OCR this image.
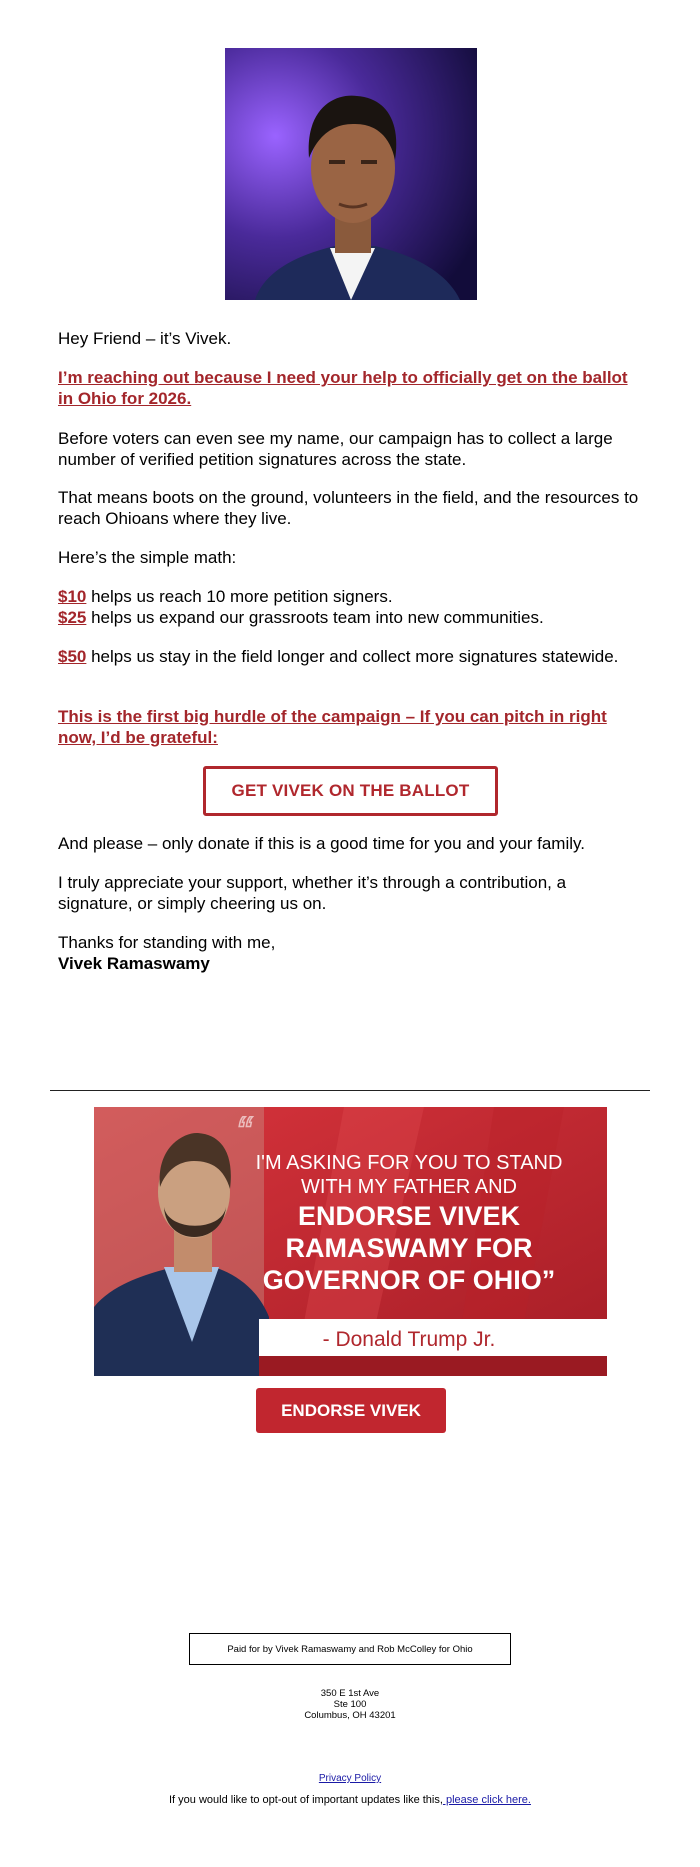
Hey Friend – it’s Vivek.

I’m reaching out because I need your help to officially get on the ballot in Ohio for 2026.

Before voters can even see my name, our campaign has to collect a large number of verified petition signatures across the state.

That means boots on the ground, volunteers in the field, and the resources to reach Ohioans where they live.

Here’s the simple math:

$10 helps us reach 10 more petition signers.
$25 helps us expand our grassroots team into new communities.

$50 helps us stay in the field longer and collect more signatures statewide.

This is the first big hurdle of the campaign – If you can pitch in right now, I’d be grateful:

GET VIVEK ON THE BALLOT

And please – only donate if this is a good time for you and your family.

I truly appreciate your support, whether it’s through a contribution, a signature, or simply cheering us on.

Thanks for standing with me,

Vivek Ramaswamy

“
I'M ASKING FOR YOU TO STAND
WITH MY FATHER AND
ENDORSE VIVEK
RAMASWAMY FOR
GOVERNOR OF OHIO”
- Donald Trump Jr.
ENDORSE VIVEK
Paid for by Vivek Ramaswamy and Rob McColley for Ohio
350 E 1st Ave
Ste 100
Columbus, OH 43201
Privacy Policy
If you would like to opt-out of important updates like this, please click here.
